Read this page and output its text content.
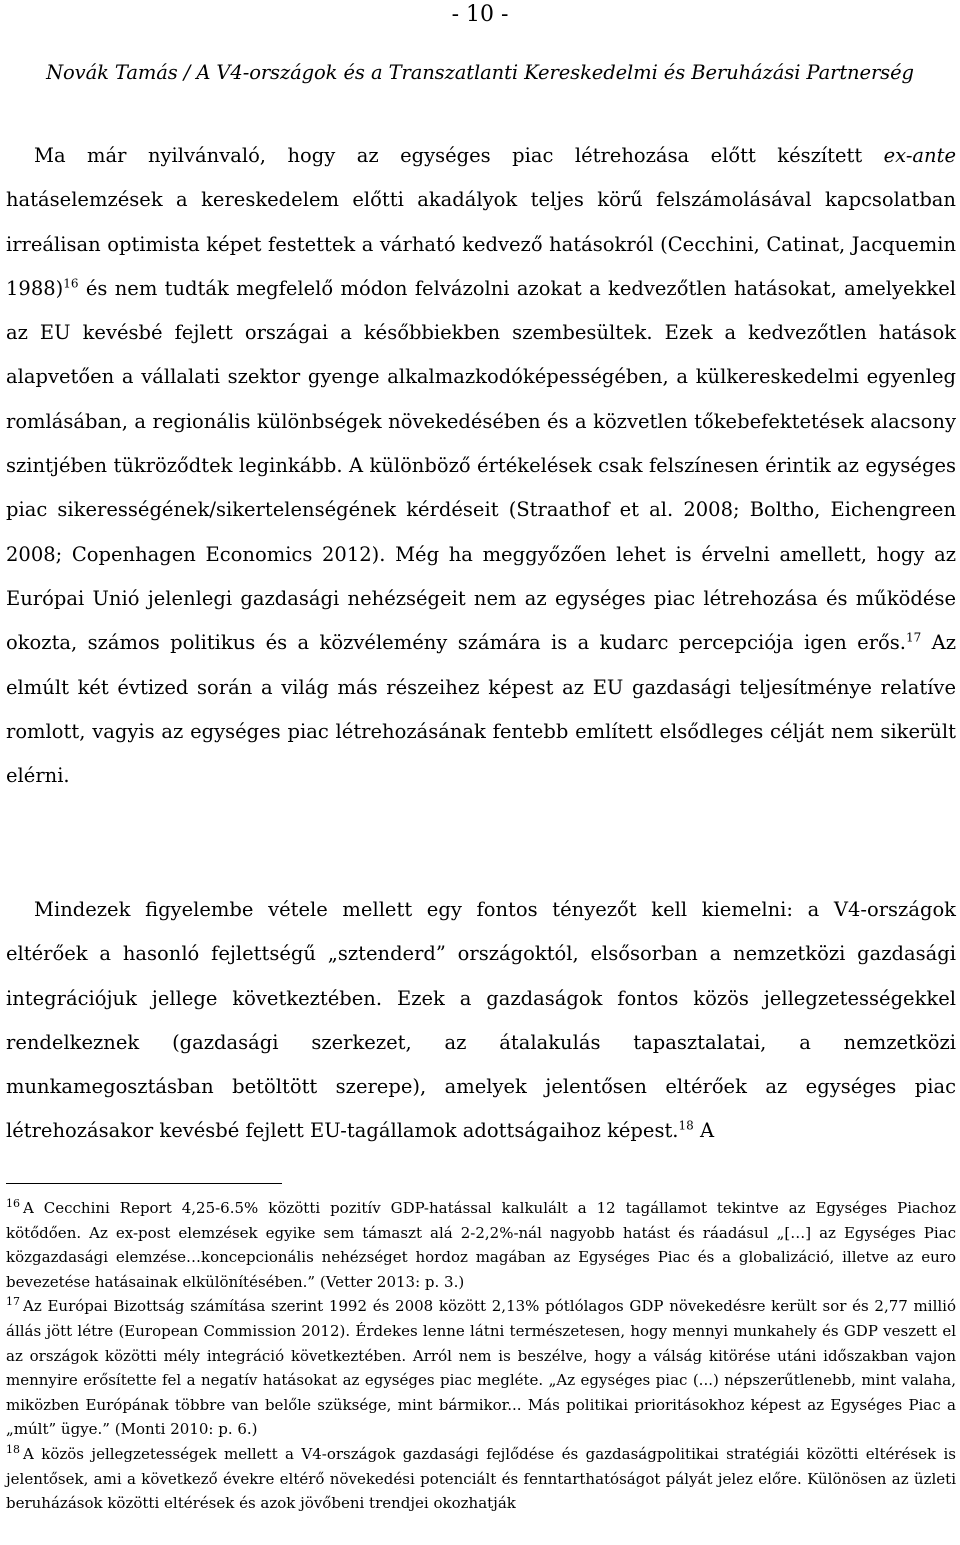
- 10 -
Novák Tamás / A V4-országok és a Transzatlanti Kereskedelmi és Beruházási Partnerség

Ma már nyilvánvaló, hogy az egységes piac létrehozása előtt készített ex-ante hatáselemzések a kereskedelem előtti akadályok teljes körű felszámolásával kapcsolatban irreálisan optimista képet festettek a várható kedvező hatásokról (Cecchini, Catinat, Jacquemin 1988)$^{16}$ és nem tudták megfelelő módon felvázolni azokat a kedvezőtlen hatásokat, amelyekkel az EU kevésbé fejlett országai a későbbiekben szembesültek. Ezek a kedvezőtlen hatások alapvetően a vállalati szektor gyenge alkalmazkodóképességében, a külkereskedelmi egyenleg romlásában, a regionális különbségek növekedésében és a közvetlen tőkebefektetések alacsony szintjében tükröződtek leginkább. A különböző értékelések csak felszínesen érintik az egységes piac sikerességének/sikertelenségének kérdéseit (Straathof et al. 2008; Boltho, Eichengreen 2008; Copenhagen Economics 2012). Még ha meggyőzően lehet is érvelni amellett, hogy az Európai Unió jelenlegi gazdasági nehézségeit nem az egységes piac létrehozása és működése okozta, számos politikus és a közvélemény számára is a kudarc percepciója igen erős.$^{17}$ Az elmúlt két évtized során a világ más részeihez képest az EU gazdasági teljesítménye relatíve romlott, vagyis az egységes piac létrehozásának fentebb említett elsődleges célját nem sikerült elérni.

Mindezek figyelembe vétele mellett egy fontos tényezőt kell kiemelni: a V4-országok eltérőek a hasonló fejlettségű „sztenderd” országoktól, elsősorban a nemzetközi gazdasági integrációjuk jellege következtében. Ezek a gazdaságok fontos közös jellegzetességekkel rendelkeznek (gazdasági szerkezet, az átalakulás tapasztalatai, a nemzetközi munkamegosztásban betöltött szerepe), amelyek jelentősen eltérőek az egységes piac létrehozásakor kevésbé fejlett EU-tagállamok adottságaihoz képest.$^{18}$ A

$^{16}$ A Cecchini Report 4,25-6.5% közötti pozitív GDP-hatással kalkulált a 12 tagállamot tekintve az Egységes Piachoz kötődően. Az ex-post elemzések egyike sem támaszt alá 2-2,2%-nál nagyobb hatást és ráadásul „[…] az Egységes Piac közgazdasági elemzése…koncepcionális nehézséget hordoz magában az Egységes Piac és a globalizáció, illetve az euro bevezetése hatásainak elkülönítésében.” (Vetter 2013: p. 3.)
$^{17}$ Az Európai Bizottság számítása szerint 1992 és 2008 között 2,13% pótlólagos GDP növekedésre került sor és 2,77 millió állás jött létre (European Commission 2012). Érdekes lenne látni természetesen, hogy mennyi munkahely és GDP veszett el az országok közötti mély integráció következtében. Arról nem is beszélve, hogy a válság kitörése utáni időszakban vajon mennyire erősítette fel a negatív hatásokat az egységes piac megléte. „Az egységes piac (...) népszerűtlenebb, mint valaha, miközben Európának többre van belőle szüksége, mint bármikor... Más politikai prioritásokhoz képest az Egységes Piac a „múlt” ügye.” (Monti 2010: p. 6.)
$^{18}$ A közös jellegzetességek mellett a V4-országok gazdasági fejlődése és gazdaságpolitikai stratégiái közötti eltérések is jelentősek, ami a következő évekre eltérő növekedési potenciált és fenntarthatóságot pályát jelez előre. Különösen az üzleti beruházások közötti eltérések és azok jövőbeni trendjei okozhatják
